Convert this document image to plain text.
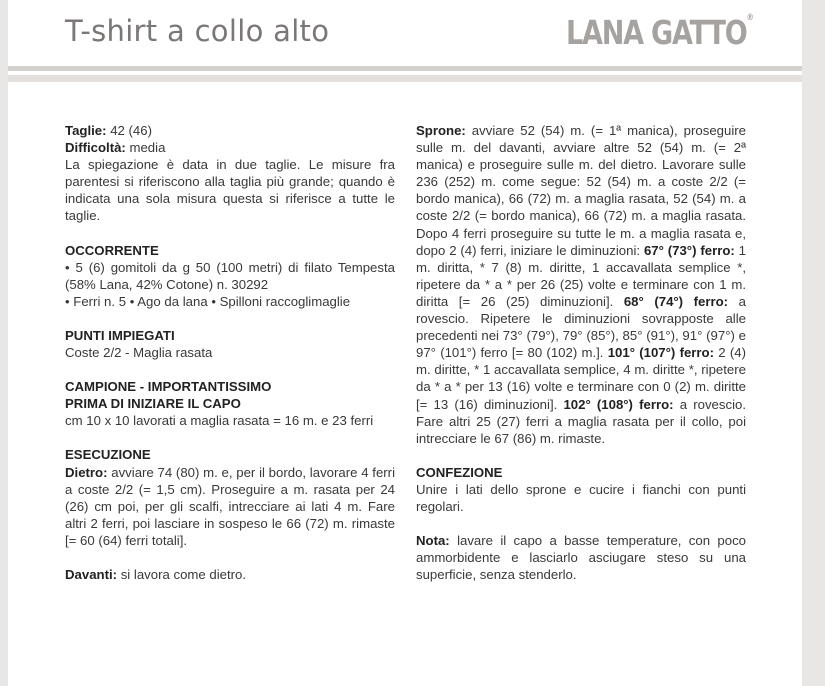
T-shirt a collo alto	LANA GATTO®

Taglie: 42 (46)

Difficoltà: media

La spiegazione è data in due taglie. Le misure fra parentesi si riferiscono alla taglia più grande; quando è indicata una sola misura questa si riferisce a tutte le taglie.

OCCORRENTE

• 5 (6) gomitoli da g 50 (100 metri) di filato Tempesta (58% Lana, 42% Cotone) n. 30292

• Ferri n. 5 • Ago da lana • Spilloni raccoglimaglie

PUNTI IMPIEGATI

Coste 2/2 - Maglia rasata

CAMPIONE - IMPORTANTISSIMO

PRIMA DI INIZIARE IL CAPO

cm 10 x 10 lavorati a maglia rasata = 16 m. e 23 ferri

ESECUZIONE

Dietro: avviare 74 (80) m. e, per il bordo, lavorare 4 ferri a coste 2/2 (= 1,5 cm). Proseguire a m. rasata per 24 (26) cm poi, per gli scalfi, intrecciare ai lati 4 m. Fare altri 2 ferri, poi lasciare in sospeso le 66 (72) m. rimaste [= 60 (64) ferri totali].

Davanti: si lavora come dietro.

Sprone: avviare 52 (54) m. (= 1ª manica), proseguire sulle m. del davanti, avviare altre 52 (54) m. (= 2ª manica) e proseguire sulle m. del dietro. Lavorare sulle 236 (252) m. come segue: 52 (54) m. a coste 2/2 (= bordo manica), 66 (72) m. a maglia rasata, 52 (54) m. a coste 2/2 (= bordo manica), 66 (72) m. a maglia rasata. Dopo 4 ferri proseguire su tutte le m. a maglia rasata e, dopo 2 (4) ferri, iniziare le diminuzioni: 67° (73°) ferro: 1 m. diritta, * 7 (8) m. diritte, 1 accavallata semplice *, ripetere da * a * per 26 (25) volte e terminare con 1 m. diritta [= 26 (25) diminuzioni]. 68° (74°) ferro: a rovescio. Ripetere le diminuzioni sovrapposte alle precedenti nei 73° (79°), 79° (85°), 85° (91°), 91° (97°) e 97° (101°) ferro [= 80 (102) m.]. 101° (107°) ferro: 2 (4) m. diritte, * 1 accavallata semplice, 4 m. diritte *, ripetere da * a * per 13 (16) volte e terminare con 0 (2) m. diritte [= 13 (16) diminuzioni]. 102° (108°) ferro: a rovescio. Fare altri 25 (27) ferri a maglia rasata per il collo, poi intrecciare le 67 (86) m. rimaste.

CONFEZIONE

Unire i lati dello sprone e cucire i fianchi con punti regolari.

Nota: lavare il capo a basse temperature, con poco ammorbidente e lasciarlo asciugare steso su una superficie, senza stenderlo.
